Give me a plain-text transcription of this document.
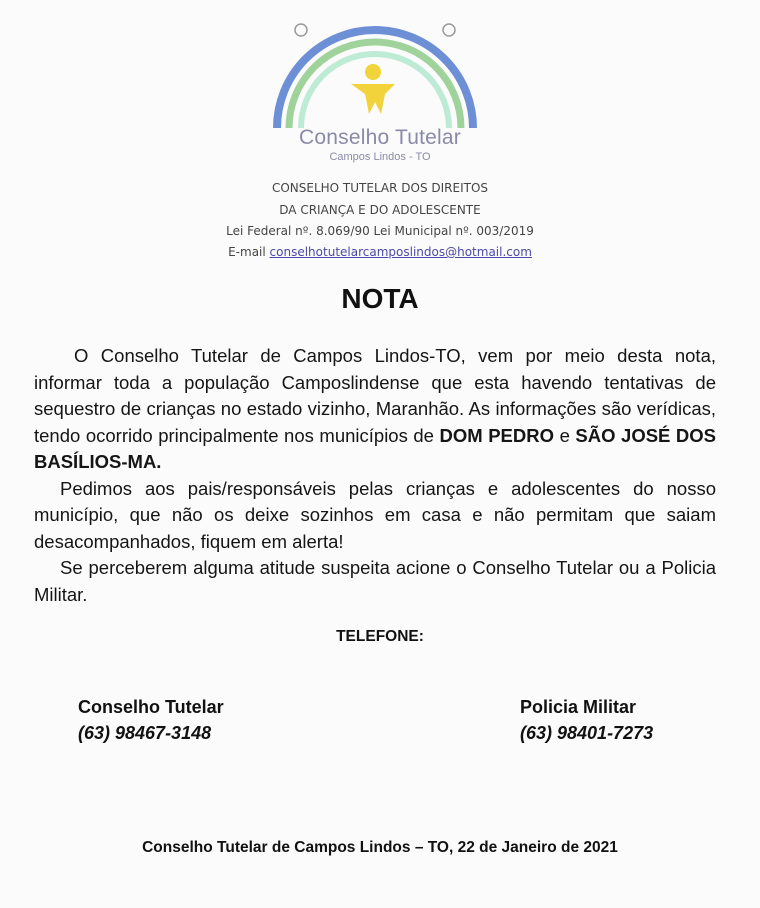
Conselho Tutelar
Campos Lindos - TO
CONSELHO TUTELAR DOS DIREITOS
DA CRIANÇA E DO ADOLESCENTE
Lei Federal nº. 8.069/90 Lei Municipal nº. 003/2019
E-mail conselhotutelarcamposlindos@hotmail.com
NOTA

O Conselho Tutelar de Campos Lindos-TO, vem por meio desta nota, informar toda a população Camposlindense que esta havendo tentativas de sequestro de crianças no estado vizinho, Maranhão. As informações são verídicas, tendo ocorrido principalmente nos municípios de DOM PEDRO e SÃO JOSÉ DOS BASÍLIOS-MA.

Pedimos aos pais/responsáveis pelas crianças e adolescentes do nosso município, que não os deixe sozinhos em casa e não permitam que saiam desacompanhados, fiquem em alerta!

Se perceberem alguma atitude suspeita acione o Conselho Tutelar ou a Policia Militar.

TELEFONE:
Conselho Tutelar
(63) 98467-3148
Policia Militar
(63) 98401-7273
Conselho Tutelar de Campos Lindos – TO, 22 de Janeiro de 2021
